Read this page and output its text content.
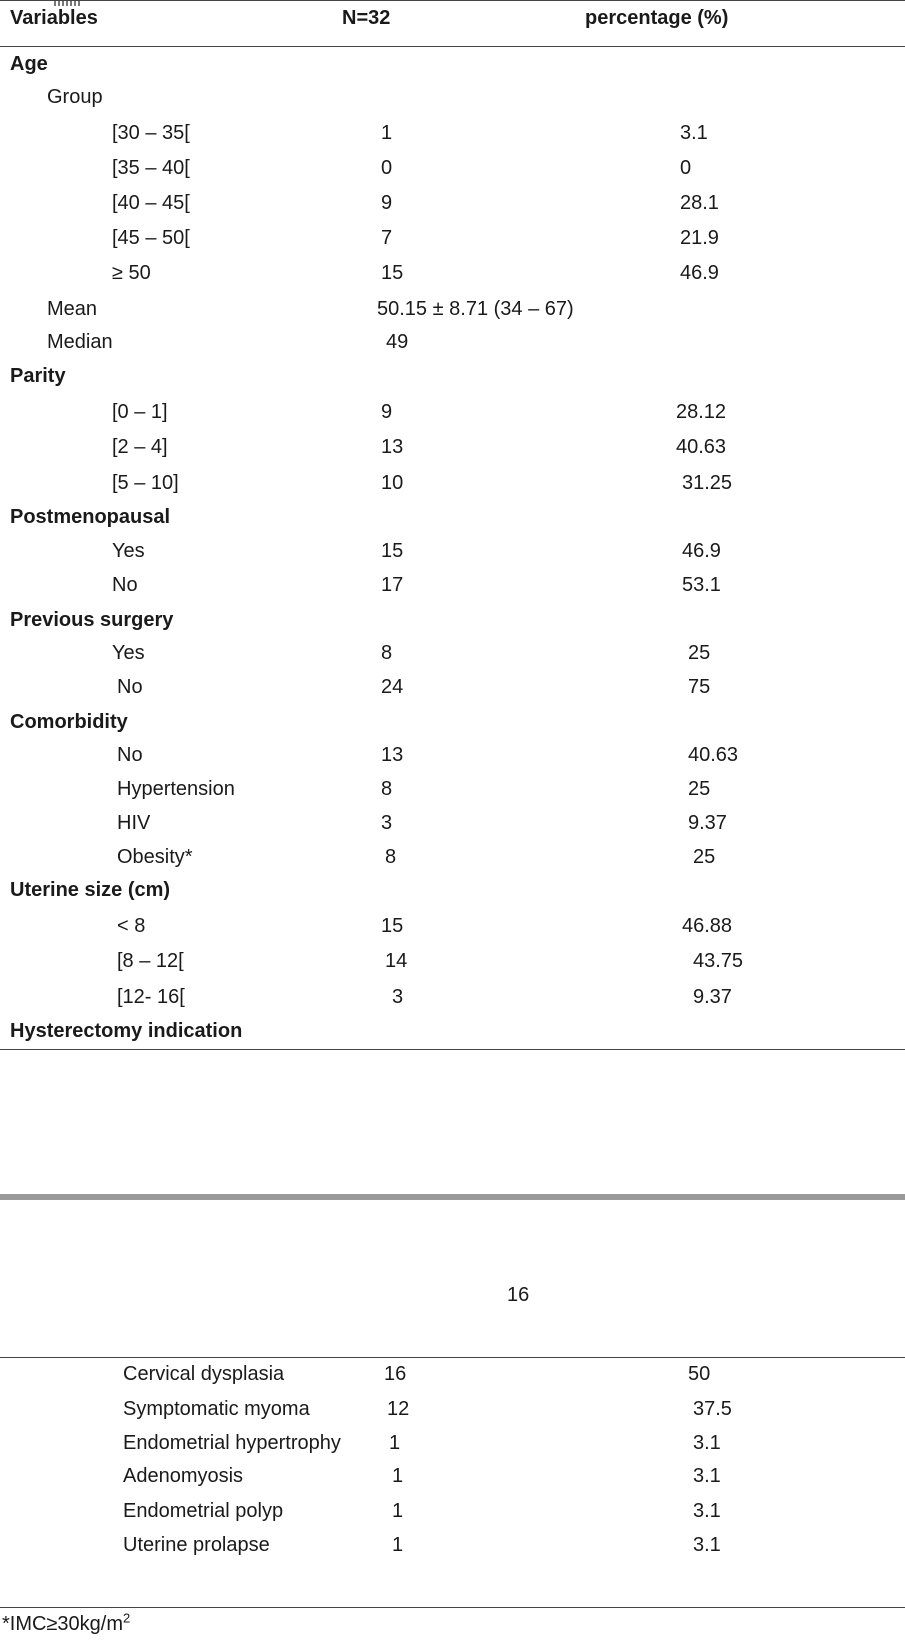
Variables	N=32	percentage (%)
Age
Group
[30 – 35[	1	3.1
[35 – 40[	0	0
[40 – 45[	9	28.1
[45 – 50[	7	21.9
≥ 50	15	46.9
Mean	50.15 ± 8.71 (34 – 67)
Median	49
Parity
[0 – 1]	9	28.12
[2 – 4]	13	40.63
[5 – 10]	10	31.25
Postmenopausal
Yes	15	46.9
No	17	53.1
Previous surgery
Yes	8	25
No	24	75
Comorbidity
No	13	40.63
Hypertension	8	25
HIV	3	9.37
Obesity*	8	25
Uterine size (cm)
< 8	15	46.88
[8 – 12[	14	43.75
[12- 16[	3	9.37
Hysterectomy indication
16
Cervical dysplasia	16	50
Symptomatic myoma	12	37.5
Endometrial hypertrophy 1	3.1
Adenomyosis	1	3.1
Endometrial polyp	1	3.1
Uterine prolapse	1	3.1
$*IMC\ge 30kg/m^2$
